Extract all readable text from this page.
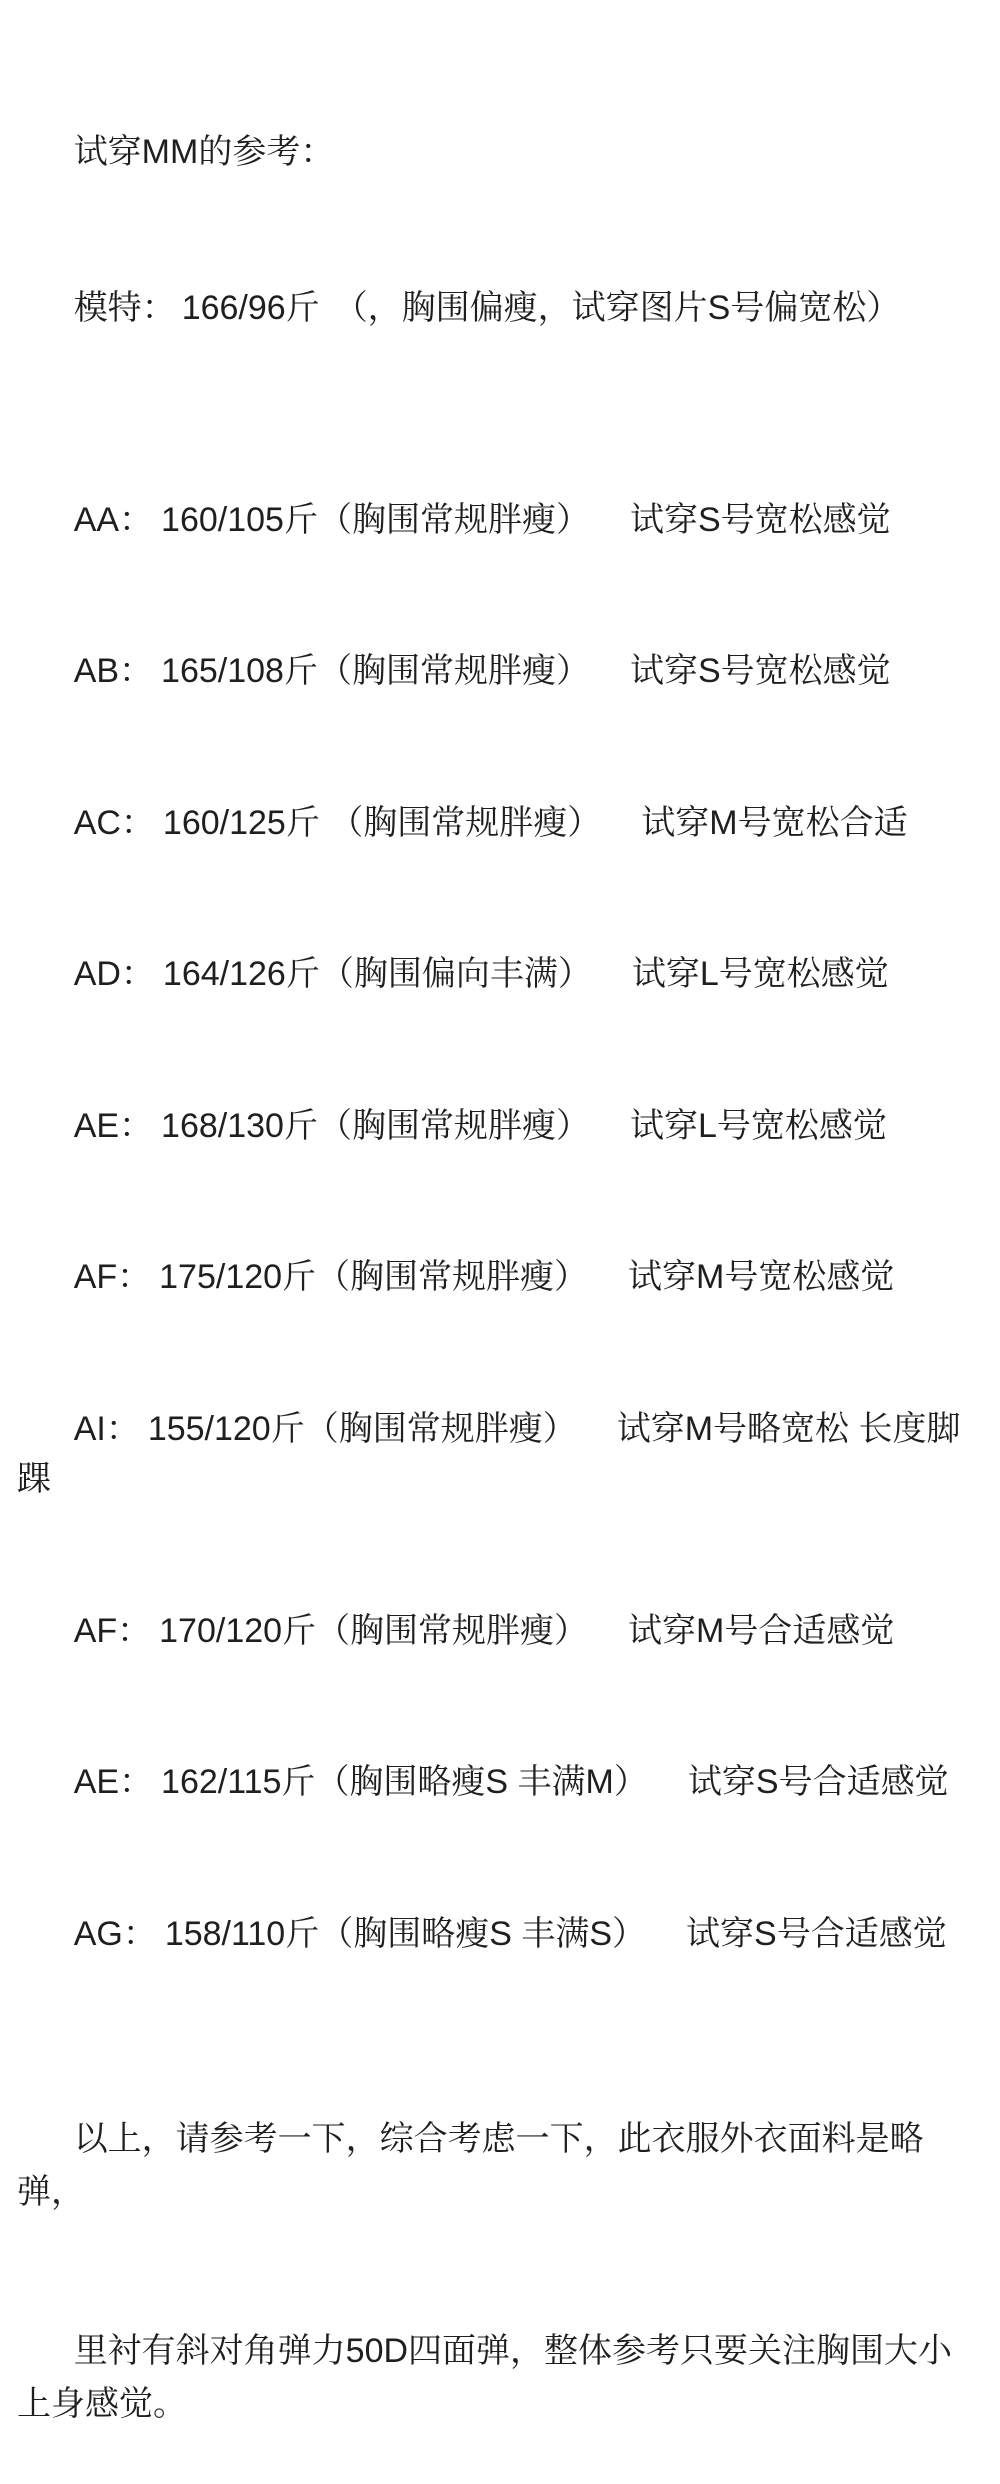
试穿MM的参考：

模特： 166/96斤 （，胸围偏瘦，试穿图片S号偏宽松）

AA： 160/105斤（胸围常规胖瘦） 试穿S号宽松感觉

AB： 165/108斤（胸围常规胖瘦） 试穿S号宽松感觉

AC： 160/125斤 （胸围常规胖瘦） 试穿M号宽松合适

AD： 164/126斤（胸围偏向丰满） 试穿L号宽松感觉

AE： 168/130斤（胸围常规胖瘦） 试穿L号宽松感觉

AF： 175/120斤（胸围常规胖瘦） 试穿M号宽松感觉

AI： 155/120斤（胸围常规胖瘦） 试穿M号略宽松 长度脚踝

AF： 170/120斤（胸围常规胖瘦） 试穿M号合适感觉

AE： 162/115斤（胸围略瘦S 丰满M） 试穿S号合适感觉

AG： 158/110斤（胸围略瘦S 丰满S） 试穿S号合适感觉

以上，请参考一下，综合考虑一下，此衣服外衣面料是略弹，

里衬有斜对角弹力50D四面弹，整体参考只要关注胸围大小上身感觉。
